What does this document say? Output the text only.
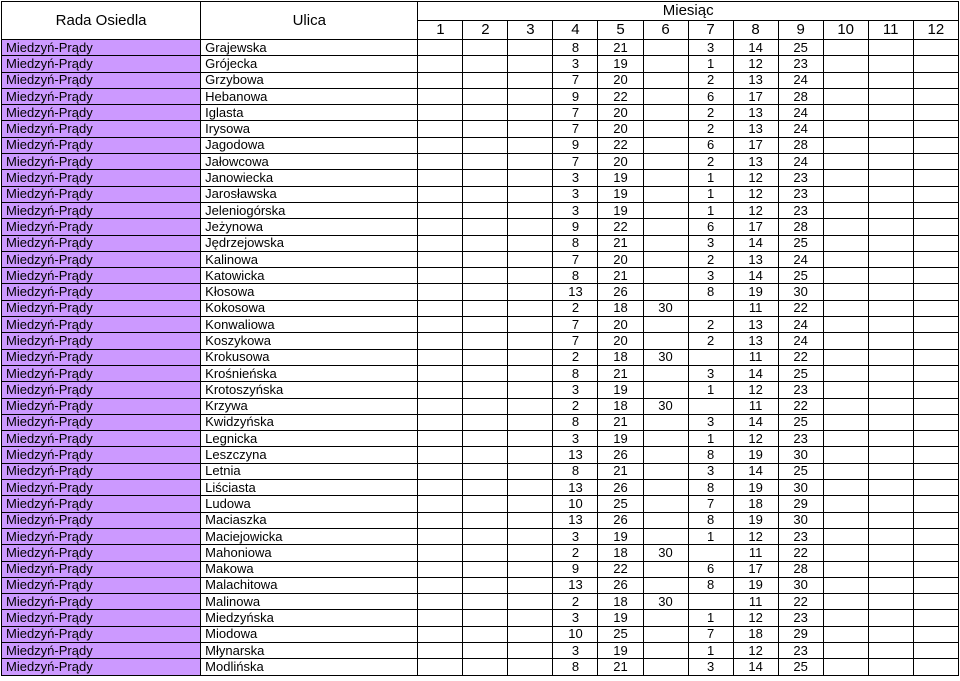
Rada Osiedla	Ulica	Miesiąc											
		1	2	3	4	5	6	7	8	9	10	11	12
Miedzyń-Prądy	Grajewska				8	21		3	14	25			
Miedzyń-Prądy	Grójecka				3	19		1	12	23			
Miedzyń-Prądy	Grzybowa				7	20		2	13	24			
Miedzyń-Prądy	Hebanowa				9	22		6	17	28			
Miedzyń-Prądy	Iglasta				7	20		2	13	24			
Miedzyń-Prądy	Irysowa				7	20		2	13	24			
Miedzyń-Prądy	Jagodowa				9	22		6	17	28			
Miedzyń-Prądy	Jałowcowa				7	20		2	13	24			
Miedzyń-Prądy	Janowiecka				3	19		1	12	23			
Miedzyń-Prądy	Jarosławska				3	19		1	12	23			
Miedzyń-Prądy	Jeleniogórska				3	19		1	12	23			
Miedzyń-Prądy	Jeżynowa				9	22		6	17	28			
Miedzyń-Prądy	Jędrzejowska				8	21		3	14	25			
Miedzyń-Prądy	Kalinowa				7	20		2	13	24			
Miedzyń-Prądy	Katowicka				8	21		3	14	25			
Miedzyń-Prądy	Kłosowa				13	26		8	19	30			
Miedzyń-Prądy	Kokosowa				2	18	30		11	22			
Miedzyń-Prądy	Konwaliowa				7	20		2	13	24			
Miedzyń-Prądy	Koszykowa				7	20		2	13	24			
Miedzyń-Prądy	Krokusowa				2	18	30		11	22			
Miedzyń-Prądy	Krośnieńska				8	21		3	14	25			
Miedzyń-Prądy	Krotoszyńska				3	19		1	12	23			
Miedzyń-Prądy	Krzywa				2	18	30		11	22			
Miedzyń-Prądy	Kwidzyńska				8	21		3	14	25			
Miedzyń-Prądy	Legnicka				3	19		1	12	23			
Miedzyń-Prądy	Leszczyna				13	26		8	19	30			
Miedzyń-Prądy	Letnia				8	21		3	14	25			
Miedzyń-Prądy	Liściasta				13	26		8	19	30			
Miedzyń-Prądy	Ludowa				10	25		7	18	29			
Miedzyń-Prądy	Maciaszka				13	26		8	19	30			
Miedzyń-Prądy	Maciejowicka				3	19		1	12	23			
Miedzyń-Prądy	Mahoniowa				2	18	30		11	22			
Miedzyń-Prądy	Makowa				9	22		6	17	28			
Miedzyń-Prądy	Malachitowa				13	26		8	19	30			
Miedzyń-Prądy	Malinowa				2	18	30		11	22			
Miedzyń-Prądy	Miedzyńska				3	19		1	12	23			
Miedzyń-Prądy	Miodowa				10	25		7	18	29			
Miedzyń-Prądy	Młynarska				3	19		1	12	23			
Miedzyń-Prądy	Modlińska				8	21		3	14	25			
